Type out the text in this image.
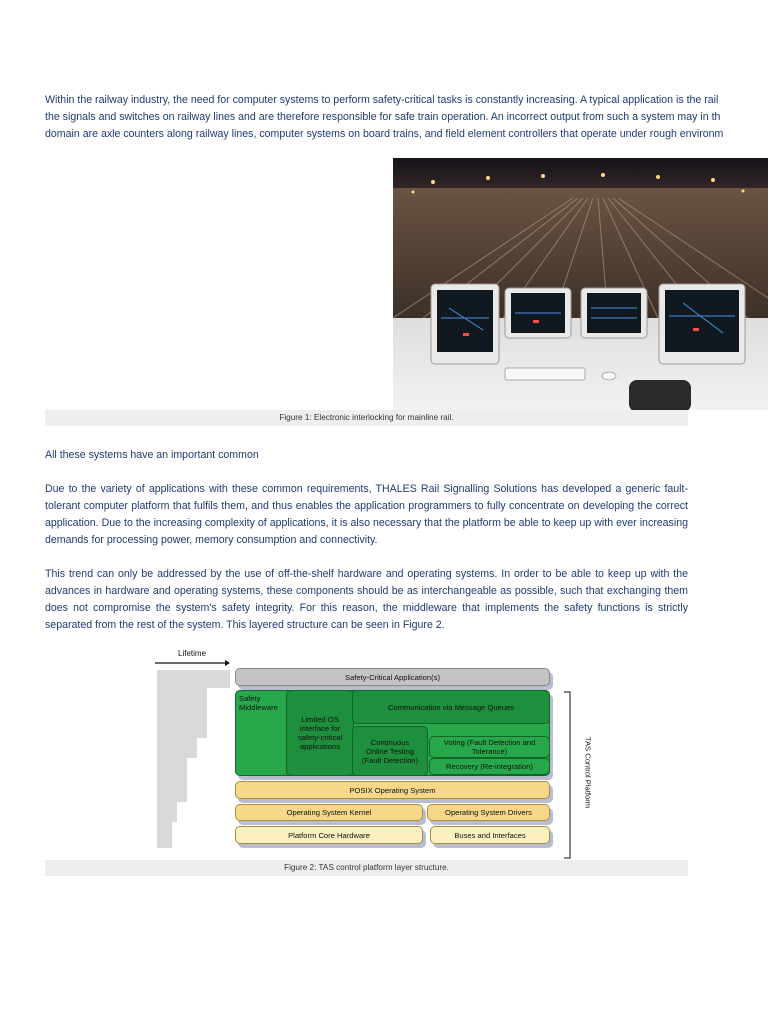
Within the railway industry, the need for computer systems to perform safety-critical tasks is constantly increasing. A typical application is the rail
the signals and switches on railway lines and are therefore responsible for safe train operation. An incorrect output from such a system may in th
domain are axle counters along railway lines, computer systems on board trains, and field element controllers that operate under rough environm
Figure 1: Electronic interlocking for mainline rail.
All these systems have an important common
Due to the variety of applications with these common requirements, THALES Rail Signalling Solutions has developed a generic fault-tolerant computer platform that fulfils them, and thus enables the application programmers to fully concentrate on developing the correct application. Due to the increasing complexity of applications, it is also necessary that the platform be able to keep up with ever increasing demands for processing power, memory consumption and connectivity.
This trend can only be addressed by the use of off-the-shelf hardware and operating systems. In order to be able to keep up with the advances in hardware and operating systems, these components should be as interchangeable as possible, such that exchanging them does not compromise the system's safety integrity. For this reason, the middleware that implements the safety functions is strictly separated from the rest of the system. This layered structure can be seen in Figure 2.
Lifetime
Safety-Critical Application(s)
Safety
Middleware
Limited OS
interface for
safety-critical
applications
Communication via Message Queues
Continuous
Online Testing
(Fault Detection)
Voting (Fault Detection and
Tolerance)
Recovery (Re-integration)
POSIX Operating System
Operating System Kernel	Operating System Drivers
Platform Core Hardware	Buses and Interfaces
TAS Control Platform
Figure 2: TAS control platform layer structure.
